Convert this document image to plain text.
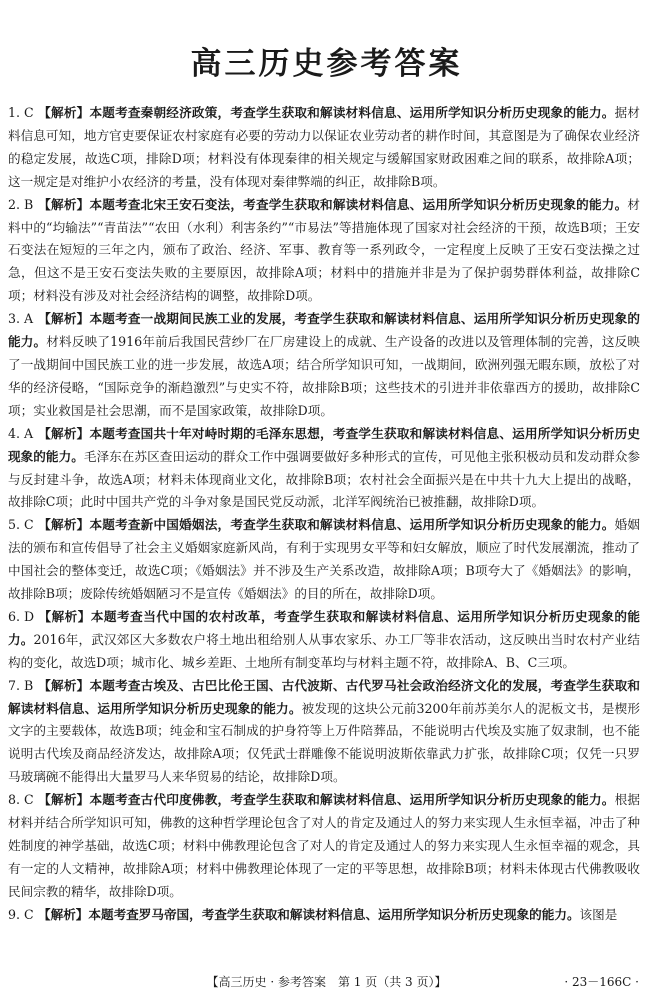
高三历史参考答案

1. C 【解析】本题考查秦朝经济政策，考查学生获取和解读材料信息、运用所学知识分析历史现象的能力。据材料信息可知，地方官吏要保证农村家庭有必要的劳动力以保证农业劳动者的耕作时间，其意图是为了确保农业经济的稳定发展，故选C项，排除D项；材料没有体现秦律的相关规定与缓解国家财政困难之间的联系，故排除A项；这一规定是对维护小农经济的考量，没有体现对秦律弊端的纠正，故排除B项。

2. B 【解析】本题考查北宋王安石变法，考查学生获取和解读材料信息、运用所学知识分析历史现象的能力。材料中的“均输法”“青苗法”“农田（水利）利害条约”“市易法”等措施体现了国家对社会经济的干预，故选B项；王安石变法在短短的三年之内，颁布了政治、经济、军事、教育等一系列政令，一定程度上反映了王安石变法操之过急，但这不是王安石变法失败的主要原因，故排除A项；材料中的措施并非是为了保护弱势群体利益，故排除C项；材料没有涉及对社会经济结构的调整，故排除D项。

3. A 【解析】本题考查一战期间民族工业的发展，考查学生获取和解读材料信息、运用所学知识分析历史现象的能力。材料反映了1916年前后我国民营纱厂在厂房建设上的成就、生产设备的改进以及管理体制的完善，这反映了一战期间中国民族工业的进一步发展，故选A项；结合所学知识可知，一战期间，欧洲列强无暇东顾，放松了对华的经济侵略，“国际竞争的渐趋激烈”与史实不符，故排除B项；这些技术的引进并非依靠西方的援助，故排除C项；实业救国是社会思潮，而不是国家政策，故排除D项。

4. A 【解析】本题考查国共十年对峙时期的毛泽东思想，考查学生获取和解读材料信息、运用所学知识分析历史现象的能力。毛泽东在苏区查田运动的群众工作中强调要做好多种形式的宣传，可见他主张积极动员和发动群众参与反封建斗争，故选A项；材料未体现商业文化，故排除B项；农村社会全面振兴是在中共十九大上提出的战略，故排除C项；此时中国共产党的斗争对象是国民党反动派，北洋军阀统治已被推翻，故排除D项。

5. C 【解析】本题考查新中国婚姻法，考查学生获取和解读材料信息、运用所学知识分析历史现象的能力。婚姻法的颁布和宣传倡导了社会主义婚姻家庭新风尚，有利于实现男女平等和妇女解放，顺应了时代发展潮流，推动了中国社会的整体变迁，故选C项；《婚姻法》并不涉及生产关系改造，故排除A项；B项夸大了《婚姻法》的影响，故排除B项；废除传统婚姻陋习不是宣传《婚姻法》的目的所在，故排除D项。

6. D 【解析】本题考查当代中国的农村改革，考查学生获取和解读材料信息、运用所学知识分析历史现象的能力。2016年，武汉郊区大多数农户将土地出租给别人从事农家乐、办工厂等非农活动，这反映出当时农村产业结构的变化，故选D项；城市化、城乡差距、土地所有制变革均与材料主题不符，故排除A、B、C三项。

7. B 【解析】本题考查古埃及、古巴比伦王国、古代波斯、古代罗马社会政治经济文化的发展，考查学生获取和解读材料信息、运用所学知识分析历史现象的能力。被发现的这块公元前3200年前苏美尔人的泥板文书，是楔形文字的主要载体，故选B项；纯金和宝石制成的护身符等上万件陪葬品，不能说明古代埃及实施了奴隶制，也不能说明古代埃及商品经济发达，故排除A项；仅凭武士群雕像不能说明波斯依靠武力扩张，故排除C项；仅凭一只罗马玻璃碗不能得出大量罗马人来华贸易的结论，故排除D项。

8. C 【解析】本题考查古代印度佛教，考查学生获取和解读材料信息、运用所学知识分析历史现象的能力。根据材料并结合所学知识可知，佛教的这种哲学理论包含了对人的肯定及通过人的努力来实现人生永恒幸福，冲击了种姓制度的神学基础，故选C项；材料中佛教理论包含了对人的肯定及通过人的努力来实现人生永恒幸福的观念，具有一定的人文精神，故排除A项；材料中佛教理论体现了一定的平等思想，故排除B项；材料未体现古代佛教吸收民间宗教的精华，故排除D项。

9. C 【解析】本题考查罗马帝国，考查学生获取和解读材料信息、运用所学知识分析历史现象的能力。该图是

【高三历史 · 参考答案　第 1 页（共 3 页）】	· 23－166C ·
